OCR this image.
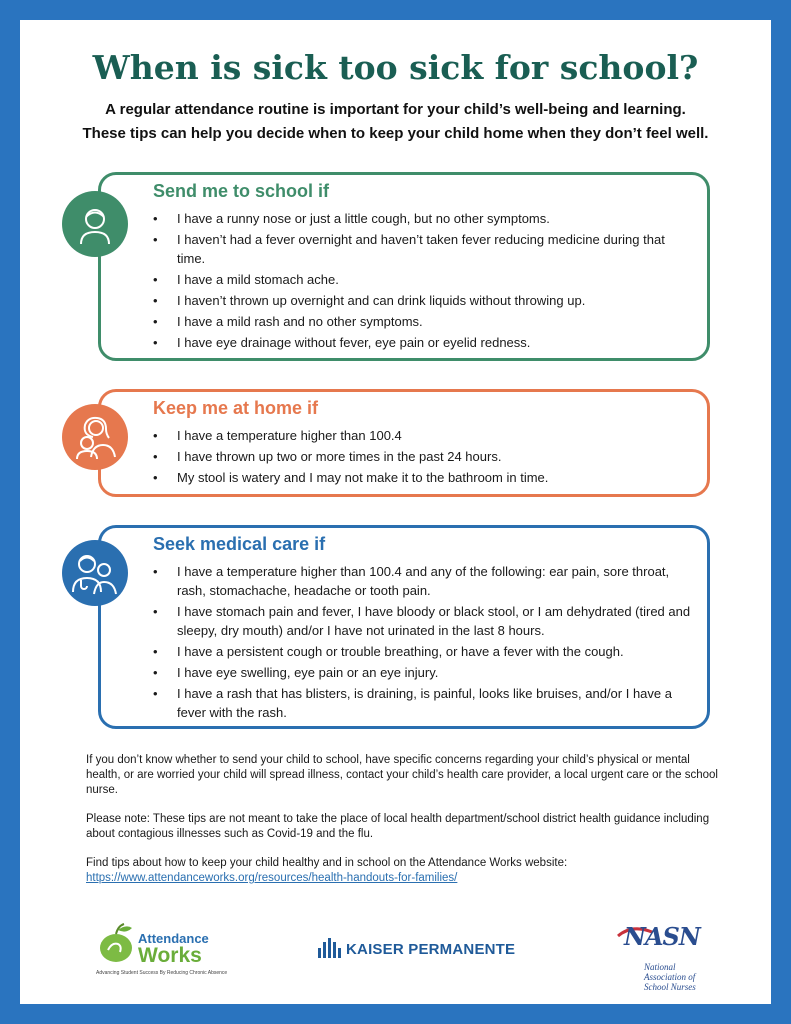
When is sick too sick for school?
A regular attendance routine is important for your child’s well-being and learning.
These tips can help you decide when to keep your child home when they don’t feel well.
Send me to school if
• I have a runny nose or just a little cough, but no other symptoms.
• I haven’t had a fever overnight and haven’t taken fever reducing medicine during that time.
• I have a mild stomach ache.
• I haven’t thrown up overnight and can drink liquids without throwing up.
• I have a mild rash and no other symptoms.
• I have eye drainage without fever, eye pain or eyelid redness.
Keep me at home if
• I have a temperature higher than 100.4
• I have thrown up two or more times in the past 24 hours.
• My stool is watery and I may not make it to the bathroom in time.
Seek medical care if
• I have a temperature higher than 100.4 and any of the following: ear pain, sore throat, rash, stomachache, headache or tooth pain.
• I have stomach pain and fever, I have bloody or black stool, or I am dehydrated (tired and sleepy, dry mouth) and/or I have not urinated in the last 8 hours.
• I have a persistent cough or trouble breathing, or have a fever with the cough.
• I have eye swelling, eye pain or an eye injury.
• I have a rash that has blisters, is draining, is painful, looks like bruises, and/or I have a fever with the rash.

If you don’t know whether to send your child to school, have specific concerns regarding your child’s physical or mental health, or are worried your child will spread illness, contact your child’s health care provider, a local urgent care or the school nurse.

Please note: These tips are not meant to take the place of local health department/school district health guidance including about contagious illnesses such as Covid-19 and the flu.

Find tips about how to keep your child healthy and in school on the Attendance Works website:
https://www.attendanceworks.org/resources/health-handouts-for-families/

Attendance
Works
Advancing Student Success By Reducing Chronic Absence
KAISER PERMANENTE	NASN
National
Association of
School Nurses
